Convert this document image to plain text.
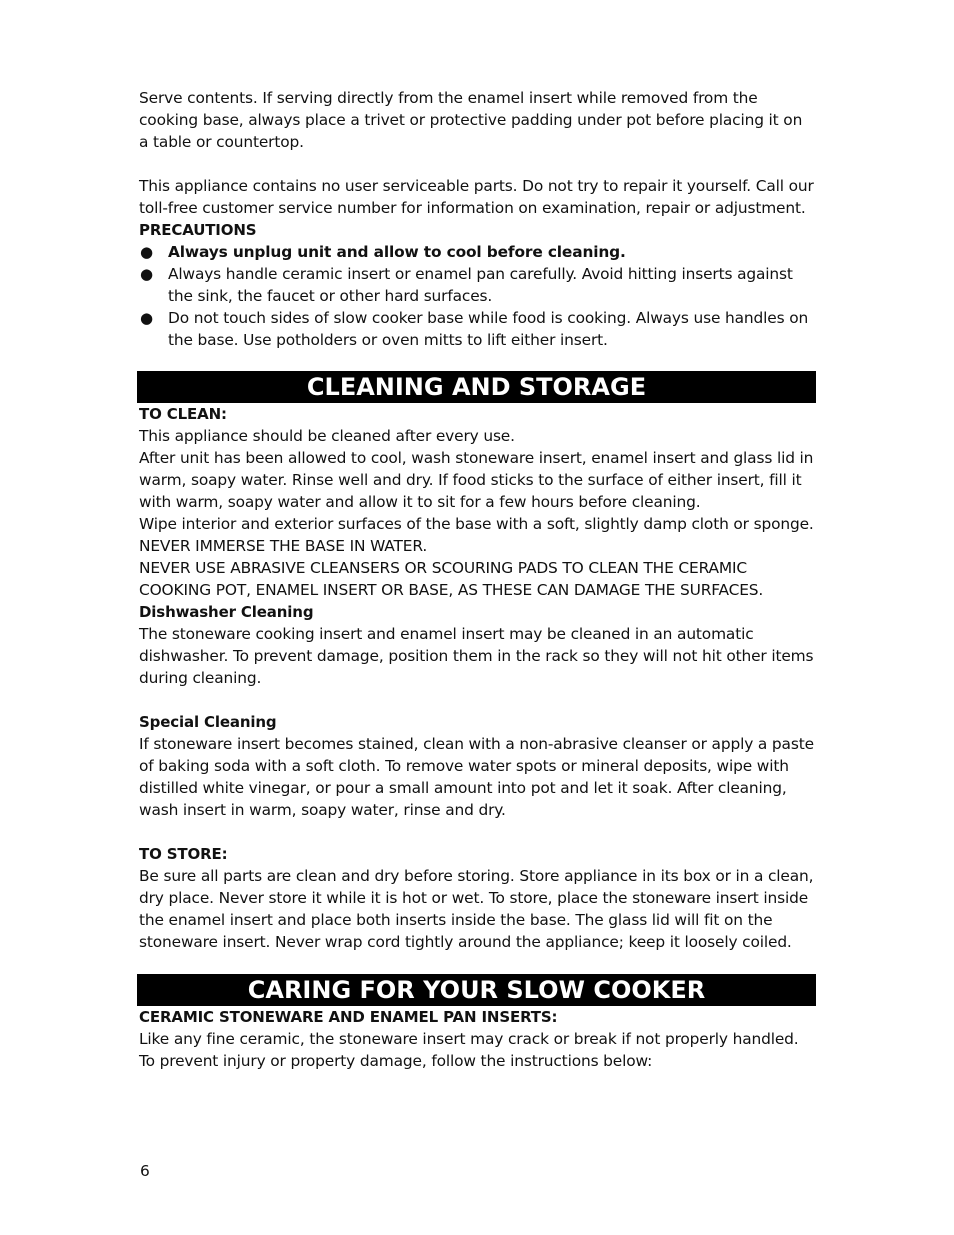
Serve contents. If serving directly from the enamel insert while removed from the cooking base, always place a trivet or protective padding under pot before placing it on a table or countertop.

This appliance contains no user serviceable parts. Do not try to repair it yourself. Call our toll-free customer service number for information on examination, repair or adjustment.

PRECAUTIONS

● Always unplug unit and allow to cool before cleaning.
● Always handle ceramic insert or enamel pan carefully. Avoid hitting inserts against the sink, the faucet or other hard surfaces.
● Do not touch sides of slow cooker base while food is cooking. Always use handles on the base. Use potholders or oven mitts to lift either insert.
CLEANING AND STORAGE

TO CLEAN:

This appliance should be cleaned after every use.

After unit has been allowed to cool, wash stoneware insert, enamel insert and glass lid in warm, soapy water. Rinse well and dry. If food sticks to the surface of either insert, fill it with warm, soapy water and allow it to sit for a few hours before cleaning.

Wipe interior and exterior surfaces of the base with a soft, slightly damp cloth or sponge.

NEVER IMMERSE THE BASE IN WATER.

NEVER USE ABRASIVE CLEANSERS OR SCOURING PADS TO CLEAN THE CERAMIC COOKING POT, ENAMEL INSERT OR BASE, AS THESE CAN DAMAGE THE SURFACES.

Dishwasher Cleaning

The stoneware cooking insert and enamel insert may be cleaned in an automatic dishwasher. To prevent damage, position them in the rack so they will not hit other items during cleaning.

Special Cleaning

If stoneware insert becomes stained, clean with a non-abrasive cleanser or apply a paste of baking soda with a soft cloth. To remove water spots or mineral deposits, wipe with distilled white vinegar, or pour a small amount into pot and let it soak. After cleaning, wash insert in warm, soapy water, rinse and dry.

TO STORE:

Be sure all parts are clean and dry before storing. Store appliance in its box or in a clean, dry place. Never store it while it is hot or wet. To store, place the stoneware insert inside the enamel insert and place both inserts inside the base. The glass lid will fit on the stoneware insert. Never wrap cord tightly around the appliance; keep it loosely coiled.

CARING FOR YOUR SLOW COOKER

CERAMIC STONEWARE AND ENAMEL PAN INSERTS:

Like any fine ceramic, the stoneware insert may crack or break if not properly handled. To prevent injury or property damage, follow the instructions below:

6
